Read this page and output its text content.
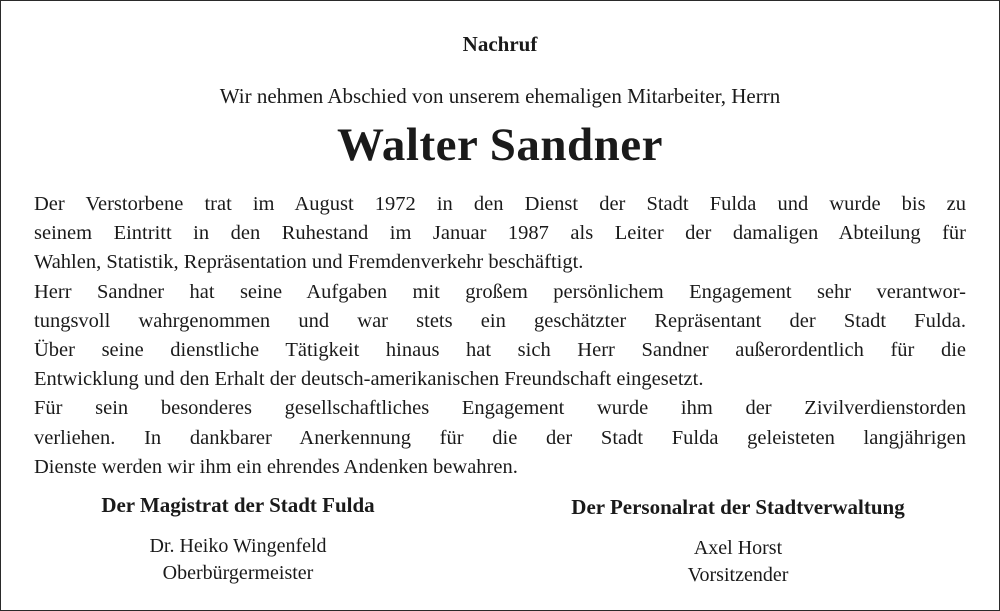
Nachruf
Wir nehmen Abschied von unserem ehemaligen Mitarbeiter, Herrn
Walter Sandner
Der Verstorbene trat im August 1972 in den Dienst der Stadt Fulda und wurde bis zu
seinem Eintritt in den Ruhestand im Januar 1987 als Leiter der damaligen Abteilung für
Wahlen, Statistik, Repräsentation und Fremdenverkehr beschäftigt.
Herr Sandner hat seine Aufgaben mit großem persönlichem Engagement sehr verantwor-
tungsvoll wahrgenommen und war stets ein geschätzter Repräsentant der Stadt Fulda.
Über seine dienstliche Tätigkeit hinaus hat sich Herr Sandner außerordentlich für die
Entwicklung und den Erhalt der deutsch-amerikanischen Freundschaft eingesetzt.
Für sein besonderes gesellschaftliches Engagement wurde ihm der Zivilverdienstorden
verliehen. In dankbarer Anerkennung für die der Stadt Fulda geleisteten langjährigen
Dienste werden wir ihm ein ehrendes Andenken bewahren.
Der Magistrat der Stadt Fulda
Dr. Heiko Wingenfeld
Oberbürgermeister
Der Personalrat der Stadtverwaltung
Axel Horst
Vorsitzender
